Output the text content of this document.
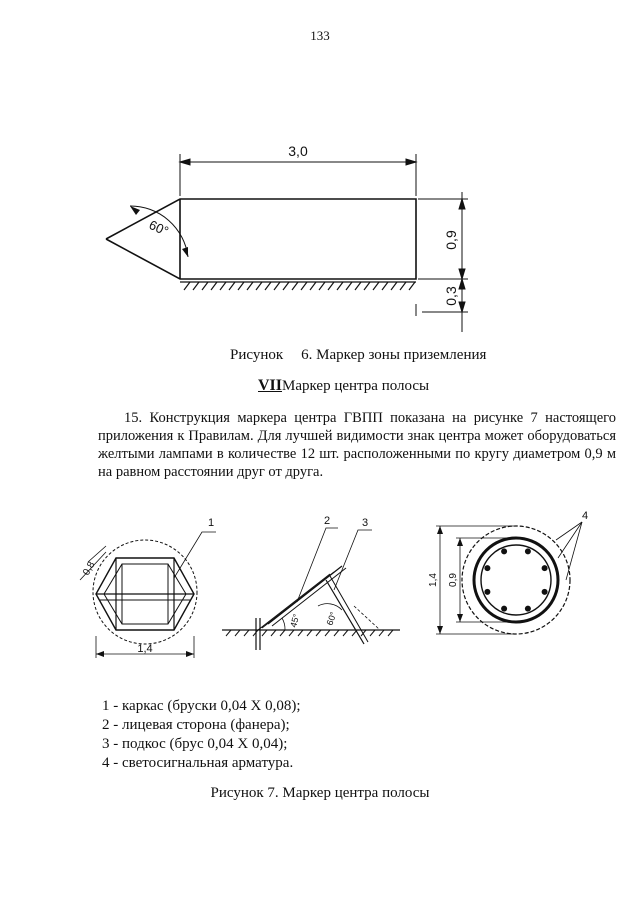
133
3,0
0,9
0,3
60°
Рисунок 6. Маркер зоны приземления
VIIМаркер центра полосы

15. Конструкция маркера центра ГВПП показана на рисунке 7 настоящего приложения к Правилам. Для лучшей видимости знак центра может оборудоваться желтыми лампами в количестве 12 шт. расположенными по кругу диаметром 0,9 м на равном расстоянии друг от друга.

1
0,8
1,4
2	3
45°	60°
4
1,4 0,9
1 - каркас (бруски 0,04 X 0,08);
2 - лицевая сторона (фанера);
3 - подкос (брус 0,04 X 0,04);
4 - светосигнальная арматура.
Рисунок 7. Маркер центра полосы
